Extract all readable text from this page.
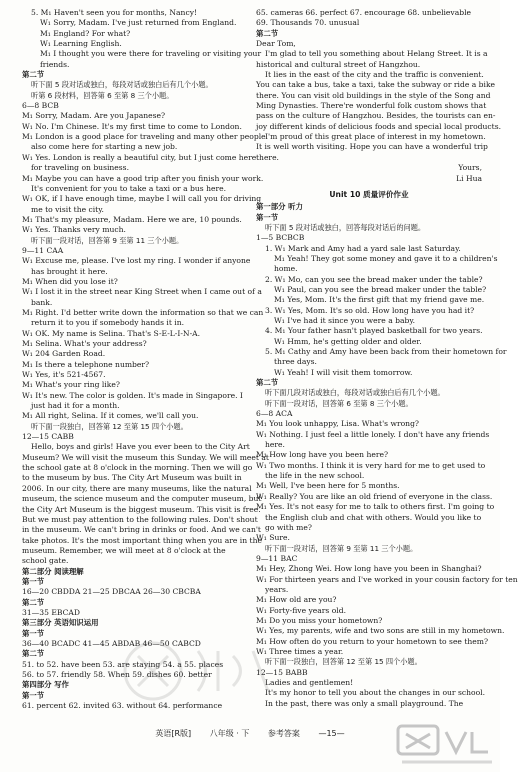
5. M₁ Haven't seen you for months, Nancy!

W₁ Sorry, Madam. I've just returned from England.

M₁ England? For what?

W₁ Learning English.

M₁ I thought you were there for traveling or visiting your

friends.

第二节

听下面 5 段对话或独白，每段对话或独白后有几个小题。

听第 6 段材料，回答第 6 至第 8 三个小题。

6—8 BCB

M₁ Sorry, Madam. Are you Japanese?

W₁ No. I'm Chinese. It's my first time to come to London.

M₁ London is a good place for traveling and many other people

also come here for starting a new job.

W₁ Yes. London is really a beautiful city, but I just come here

for traveling on business.

M₁ Maybe you can have a good trip after you finish your work.

It's convenient for you to take a taxi or a bus here.

W₁ OK, if I have enough time, maybe I will call you for driving

me to visit the city.

M₁ That's my pleasure, Madam. Here we are, 10 pounds.

W₁ Yes. Thanks very much.

听下面一段对话，回答第 9 至第 11 三个小题。

9—11 CAA

W₁ Excuse me, please. I've lost my ring. I wonder if anyone

has brought it here.

M₁ When did you lose it?

W₁ I lost it in the street near King Street when I came out of a

bank.

M₁ Right. I'd better write down the information so that we can

return it to you if somebody hands it in.

W₁ OK. My name is Selina. That's S-E-L-I-N-A.

M₁ Selina. What's your address?

W₁ 204 Garden Road.

M₁ Is there a telephone number?

W₁ Yes, it's 521-4567.

M₁ What's your ring like?

W₁ It's new. The color is golden. It's made in Singapore. I

just had it for a month.

M₁ All right, Selina. If it comes, we'll call you.

听下面一段独白，回答第 12 至第 15 四个小题。

12—15 CABB

Hello, boys and girls! Have you ever been to the City Art

Museum? We will visit the museum this Sunday. We will meet at

the school gate at 8 o'clock in the morning. Then we will go

to the museum by bus. The City Art Museum was built in

2006. In our city, there are many museums, like the natural

museum, the science museum and the computer museum, but

the City Art Museum is the biggest museum. This visit is free.

But we must pay attention to the following rules. Don't shout

in the museum. We can't bring in drinks or food. And we can't

take photos. It's the most important thing when you are in the

museum. Remember, we will meet at 8 o'clock at the

school gate.

第二部分 阅读理解

第一节

16—20 CBDDA 21—25 DBCAA 26—30 CBCBA

第二节

31—35 EBCAD

第三部分 英语知识运用

第一节

36—40 BCADC 41—45 ABDAB 46—50 CABCD

第二节

51. to 52. have been 53. are staying 54. a 55. places

56. to 57. friendly 58. When 59. dishes 60. better

第四部分 写作

第一节

61. percent 62. invited 63. without 64. performance

65. cameras 66. perfect 67. encourage 68. unbelievable

69. Thousands 70. unusual

第二节

Dear Tom,

I'm glad to tell you something about Helang Street. It is a

historical and cultural street of Hangzhou.

It lies in the east of the city and the traffic is convenient.

You can take a bus, take a taxi, take the subway or ride a bike

there. You can visit old buildings in the style of the Song and

Ming Dynasties. There're wonderful folk custom shows that

pass on the culture of Hangzhou. Besides, the tourists can en-

joy different kinds of delicious foods and special local products.

I'm proud of this great place of interest in my hometown.

It is well worth visiting. Hope you can have a wonderful trip

there.

Yours,

Li Hua

Unit 10 质量评价作业

第一部分 听力

第一节

听下面 5 段对话或独白，回答每段对话后的问题。

1—5 BCBCB

1. W₁ Mark and Amy had a yard sale last Saturday.

M₁ Yeah! They got some money and gave it to a children's

home.

2. W₁ Mo, can you see the bread maker under the table?

W₁ Paul, can you see the bread maker under the table?

M₁ Yes, Mom. It's the first gift that my friend gave me.

3. W₁ Yes, Mom. It's so old. How long have you had it?

W₁ I've had it since you were a baby.

4. M₁ Your father hasn't played basketball for two years.

W₁ Hmm, he's getting older and older.

5. M₁ Cathy and Amy have been back from their hometown for

three days.

W₁ Yeah! I will visit them tomorrow.

第二节

听下面几段对话或独白，每段对话或独白后有几个小题。

听下面一段对话，回答第 6 至第 8 三个小题。

6—8 ACA

M₁ You look unhappy, Lisa. What's wrong?

W₁ Nothing. I just feel a little lonely. I don't have any friends

here.

M₁ How long have you been here?

W₁ Two months. I think it is very hard for me to get used to

the life in the new school.

M₁ Well, I've been here for 5 months.

W₁ Really? You are like an old friend of everyone in the class.

M₁ Yes. It's not easy for me to talk to others first. I'm going to

the English club and chat with others. Would you like to

go with me?

W₁ Sure.

听下面一段对话，回答第 9 至第 11 三个小题。

9—11 BAC

M₁ Hey, Zhong Wei. How long have you been in Shanghai?

W₁ For thirteen years and I've worked in your cousin factory for ten

years.

M₁ How old are you?

W₁ Forty-five years old.

M₁ Do you miss your hometown?

W₁ Yes, my parents, wife and two sons are still in my hometown.

M₁ How often do you return to your hometown to see them?

W₁ Three times a year.

听下面一段独白，回答第 12 至第 15 四个小题。

12—15 BABB

Ladies and gentlemen!

It's my honor to tell you about the changes in our school.

In the past, there was only a small playground. The

英语[R版] 八年级 · 下 参考答案 —15—
